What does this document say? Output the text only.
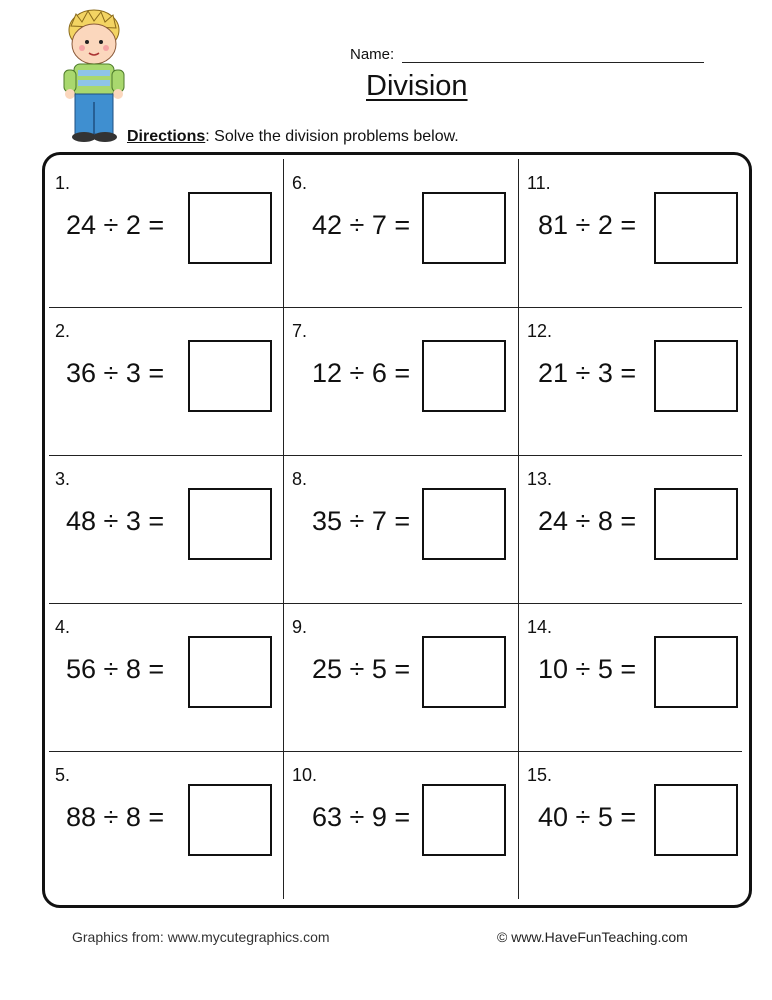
Name:
Division
Directions: Solve the division problems below.
1.
24 ÷ 2 =
2.
36 ÷ 3 =
3.
48 ÷ 3 =
4.
56 ÷ 8 =
5.
88 ÷ 8 =
6.
42 ÷ 7 =
7.
12 ÷ 6 =
8.
35 ÷ 7 =
9.
25 ÷ 5 =
10.
63 ÷ 9 =
11.
81 ÷ 2 =
12.
21 ÷ 3 =
13.
24 ÷ 8 =
14.
10 ÷ 5 =
15.
40 ÷ 5 =
Graphics from: www.mycutegraphics.com	© www.HaveFunTeaching.com
